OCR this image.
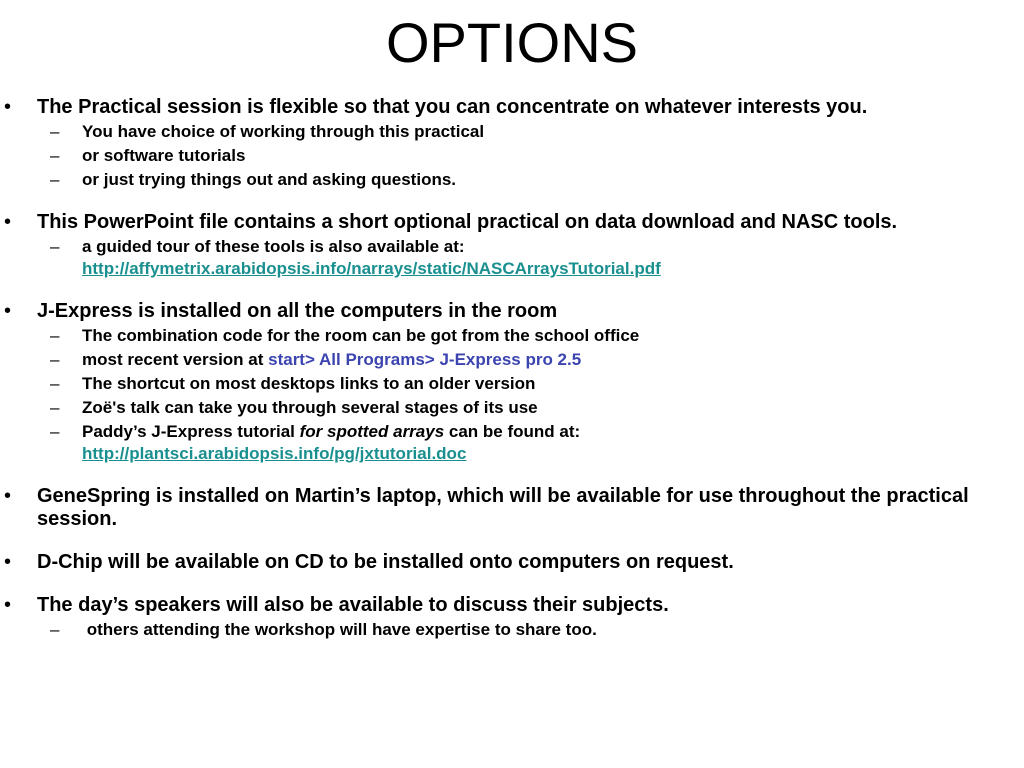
OPTIONS
• The Practical session is flexible so that you can concentrate on whatever interests you.
– You have choice of working through this practical
– or software tutorials
– or just trying things out and asking questions.
• This PowerPoint file contains a short optional practical on data download and NASC tools.
– a guided tour of these tools is also available at:
http://affymetrix.arabidopsis.info/narrays/static/NASCArraysTutorial.pdf
• J-Express is installed on all the computers in the room
– The combination code for the room can be got from the school office
– most recent version at start> All Programs> J-Express pro 2.5
– The shortcut on most desktops links to an older version
– Zoë's talk can take you through several stages of its use
– Paddy’s J-Express tutorial for spotted arrays can be found at:
http://plantsci.arabidopsis.info/pg/jxtutorial.doc
• GeneSpring is installed on Martin’s laptop, which will be available for use throughout the practical session.
• D-Chip will be available on CD to be installed onto computers on request.
• The day’s speakers will also be available to discuss their subjects.
– others attending the workshop will have expertise to share too.
